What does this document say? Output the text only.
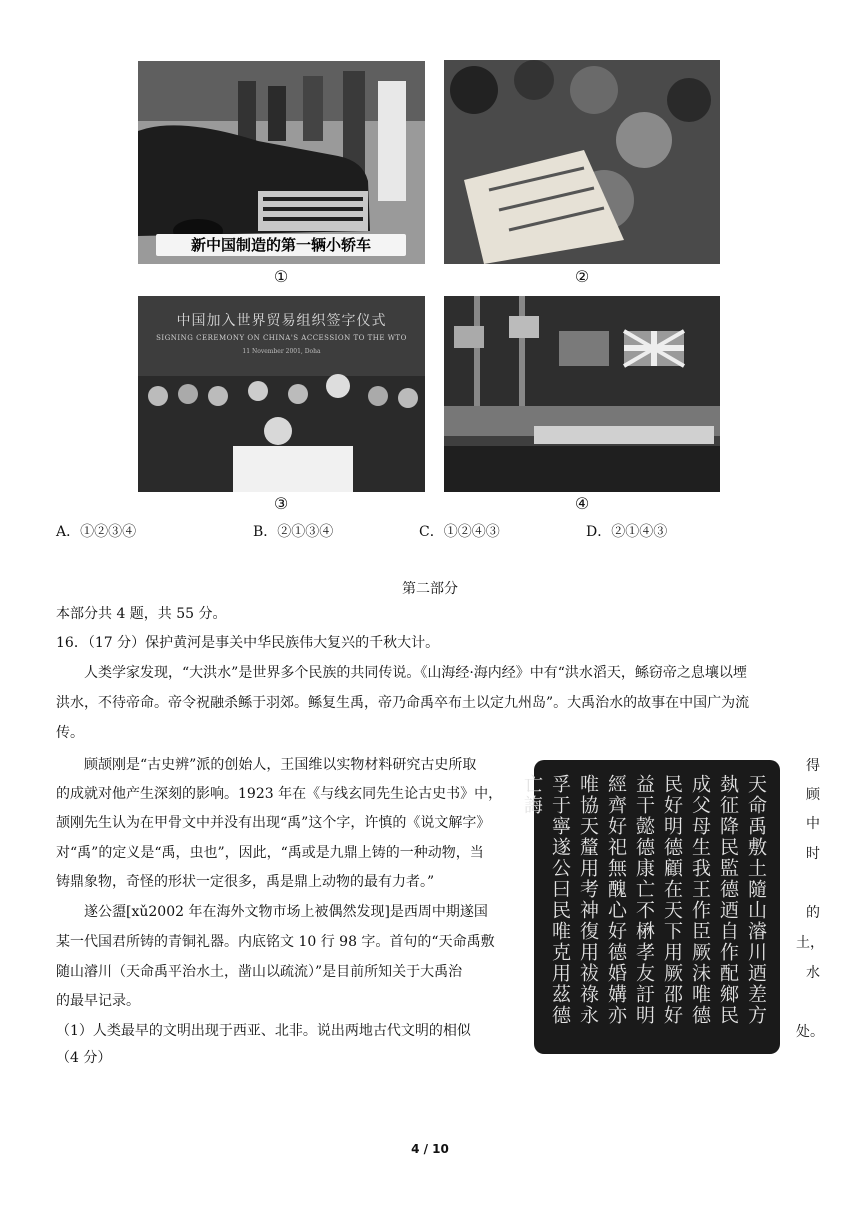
新中国制造的第一辆小轿车
①	②
中国加入世界贸易组织签字仪式
SIGNING CEREMONY ON CHINA'S ACCESSION TO THE WTO
11 November 2001, Doha
③	④
A．①②③④	B．②①③④	C．①②④③	D．②①④③
第二部分
本部分共 4 题，共 55 分。
16．（17 分）保护黄河是事关中华民族伟大复兴的千秋大计。
人类学家发现，“大洪水”是世界多个民族的共同传说。《山海经·海内经》中有“洪水滔天，鲧窃帝之息壤以堙
洪水，不待帝命。帝令祝融杀鲧于羽郊。鲧复生禹，帝乃命禹卒布土以定九州岛”。大禹治水的故事在中国广为流
传。
顾颉刚是“古史辨”派的创始人，王国维以实物材料研究古史所取
的成就对他产生深刻的影响。1923 年在《与线玄同先生论古史书》中，
颉刚先生认为在甲骨文中并没有出现“禹”这个字，许慎的《说文解字》
对“禹”的定义是“禹，虫也”，因此，“禹或是九鼎上铸的一种动物，当
铸鼎象物，奇怪的形状一定很多，禹是鼎上动物的最有力者。”
遂公盨[xǔ2002 年在海外文物市场上被偶然发现]是西周中期遂国
某一代国君所铸的青铜礼器。内底铭文 10 行 98 字。首句的“天命禹敷
随山濬川（天命禹平治水土，凿山以疏流）”是目前所知关于大禹治
的最早记录。
（1）人类最早的文明出现于西亚、北非。说出两地古代文明的相似
（4 分）
得
顾
中
时
的
土，
水
处。
天命禹敷土隨山濬川迺差方埶征降民監德迺自作配鄉民成父母生我王作臣厥沬唯德民好明德顧在天下用厥邵好益干懿德康亡不楙孝友訏明經齊好祀無醜心好德婚媾亦唯協天釐用考神復用祓祿永孚于寧遂公曰民唯克用茲德亡誨
4 / 10
